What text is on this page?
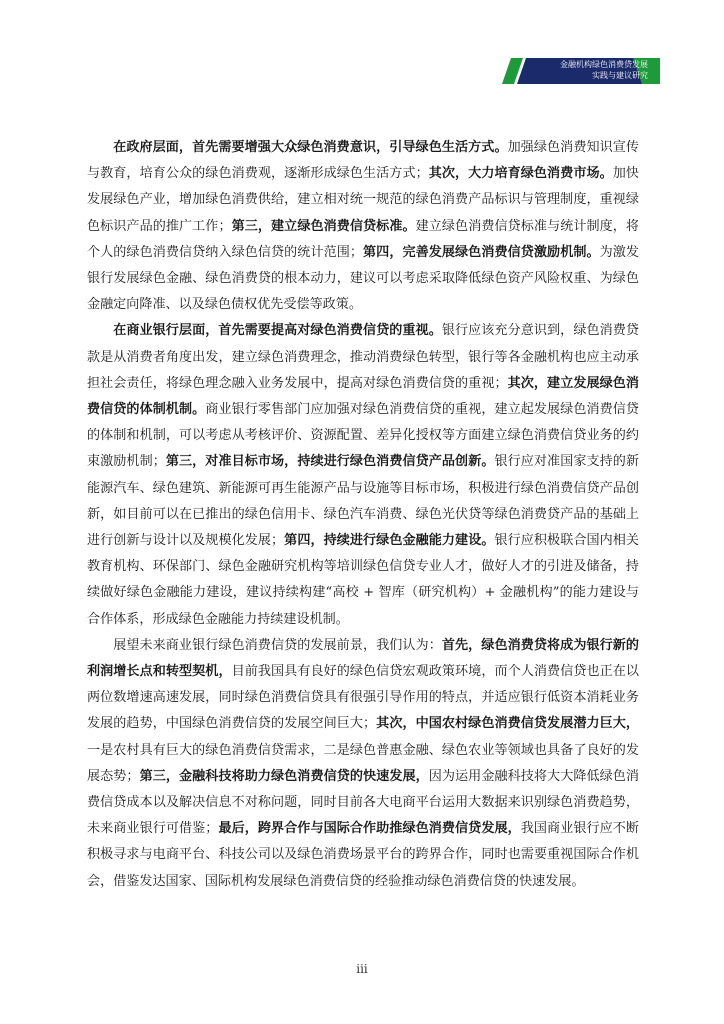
金融机构绿色消费贷发展
实践与建议研究

在政府层面，首先需要增强大众绿色消费意识，引导绿色生活方式。加强绿色消费知识宣传与教育，培育公众的绿色消费观，逐渐形成绿色生活方式；其次，大力培育绿色消费市场。加快发展绿色产业，增加绿色消费供给，建立相对统一规范的绿色消费产品标识与管理制度，重视绿色标识产品的推广工作；第三，建立绿色消费信贷标准。建立绿色消费信贷标准与统计制度，将个人的绿色消费信贷纳入绿色信贷的统计范围；第四，完善发展绿色消费信贷激励机制。为激发银行发展绿色金融、绿色消费贷的根本动力，建议可以考虑采取降低绿色资产风险权重、为绿色金融定向降准、以及绿色债权优先受偿等政策。

在商业银行层面，首先需要提高对绿色消费信贷的重视。银行应该充分意识到，绿色消费贷款是从消费者角度出发，建立绿色消费理念，推动消费绿色转型，银行等各金融机构也应主动承担社会责任，将绿色理念融入业务发展中，提高对绿色消费信贷的重视；其次，建立发展绿色消费信贷的体制机制。商业银行零售部门应加强对绿色消费信贷的重视，建立起发展绿色消费信贷的体制和机制，可以考虑从考核评价、资源配置、差异化授权等方面建立绿色消费信贷业务的约束激励机制；第三，对准目标市场，持续进行绿色消费信贷产品创新。银行应对准国家支持的新能源汽车、绿色建筑、新能源可再生能源产品与设施等目标市场，积极进行绿色消费信贷产品创新，如目前可以在已推出的绿色信用卡、绿色汽车消费、绿色光伏贷等绿色消费贷产品的基础上进行创新与设计以及规模化发展；第四，持续进行绿色金融能力建设。银行应积极联合国内相关教育机构、环保部门、绿色金融研究机构等培训绿色信贷专业人才，做好人才的引进及储备，持续做好绿色金融能力建设，建议持续构建“高校 + 智库（研究机构）+ 金融机构”的能力建设与合作体系，形成绿色金融能力持续建设机制。

展望未来商业银行绿色消费信贷的发展前景，我们认为：首先，绿色消费贷将成为银行新的利润增长点和转型契机，目前我国具有良好的绿色信贷宏观政策环境，而个人消费信贷也正在以两位数增速高速发展，同时绿色消费信贷具有很强引导作用的特点，并适应银行低资本消耗业务发展的趋势，中国绿色消费信贷的发展空间巨大；其次，中国农村绿色消费信贷发展潜力巨大，一是农村具有巨大的绿色消费信贷需求，二是绿色普惠金融、绿色农业等领域也具备了良好的发展态势；第三，金融科技将助力绿色消费信贷的快速发展，因为运用金融科技将大大降低绿色消费信贷成本以及解决信息不对称问题，同时目前各大电商平台运用大数据来识别绿色消费趋势，未来商业银行可借鉴；最后，跨界合作与国际合作助推绿色消费信贷发展，我国商业银行应不断积极寻求与电商平台、科技公司以及绿色消费场景平台的跨界合作，同时也需要重视国际合作机会，借鉴发达国家、国际机构发展绿色消费信贷的经验推动绿色消费信贷的快速发展。

iii
